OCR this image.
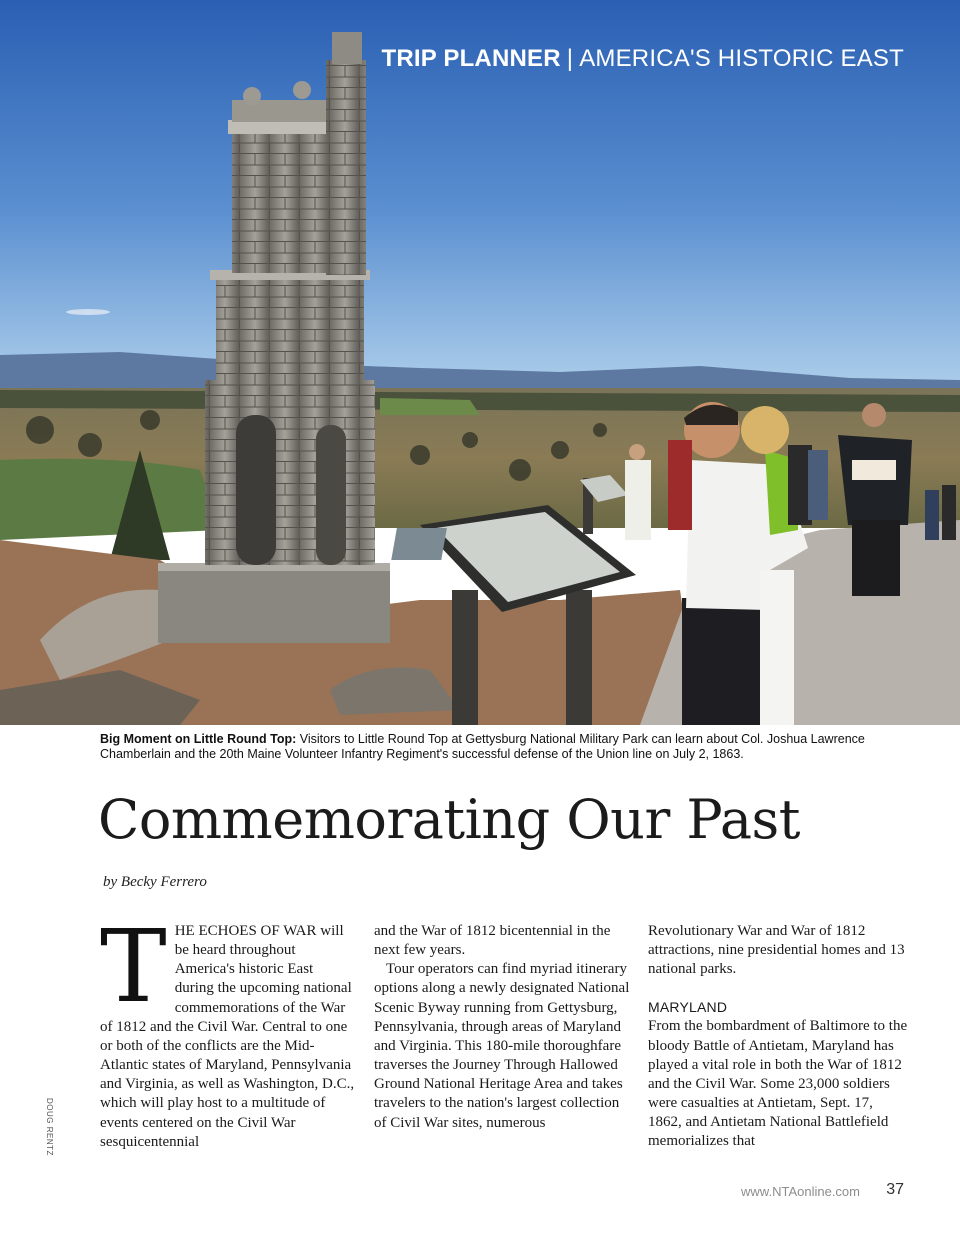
TRIP PLANNER | AMERICA'S HISTORIC EAST
Big Moment on Little Round Top: Visitors to Little Round Top at Gettysburg National Military Park can learn about Col. Joshua Lawrence Chamberlain and the 20th Maine Volunteer Infantry Regiment's successful defense of the Union line on July 2, 1863.
Commemorating Our Past
by Becky Ferrero
T HE ECHOES OF WAR will be heard throughout America's historic East during the upcoming national commemorations of the War of 1812 and the Civil War. Central to one or both of the conflicts are the Mid-Atlantic states of Maryland, Pennsylvania and Virginia, as well as Washington, D.C., which will play host to a multitude of events centered on the Civil War sesquicentennial

and the War of 1812 bicentennial in the next few years.

Tour operators can find myriad itinerary options along a newly designated National Scenic Byway running from Gettysburg, Pennsylvania, through areas of Maryland and Virginia. This 180-mile thoroughfare traverses the Journey Through Hallowed Ground National Heritage Area and takes travelers to the nation's largest collection of Civil War sites, numerous

Revolutionary War and War of 1812 attractions, nine presidential homes and 13 national parks.

MARYLAND

From the bombardment of Baltimore to the bloody Battle of Antietam, Maryland has played a vital role in both the War of 1812 and the Civil War. Some 23,000 soldiers were casualties at Antietam, Sept. 17, 1862, and Antietam National Battlefield memorializes that

DOUG RENTZ
www.NTAonline.com 37
